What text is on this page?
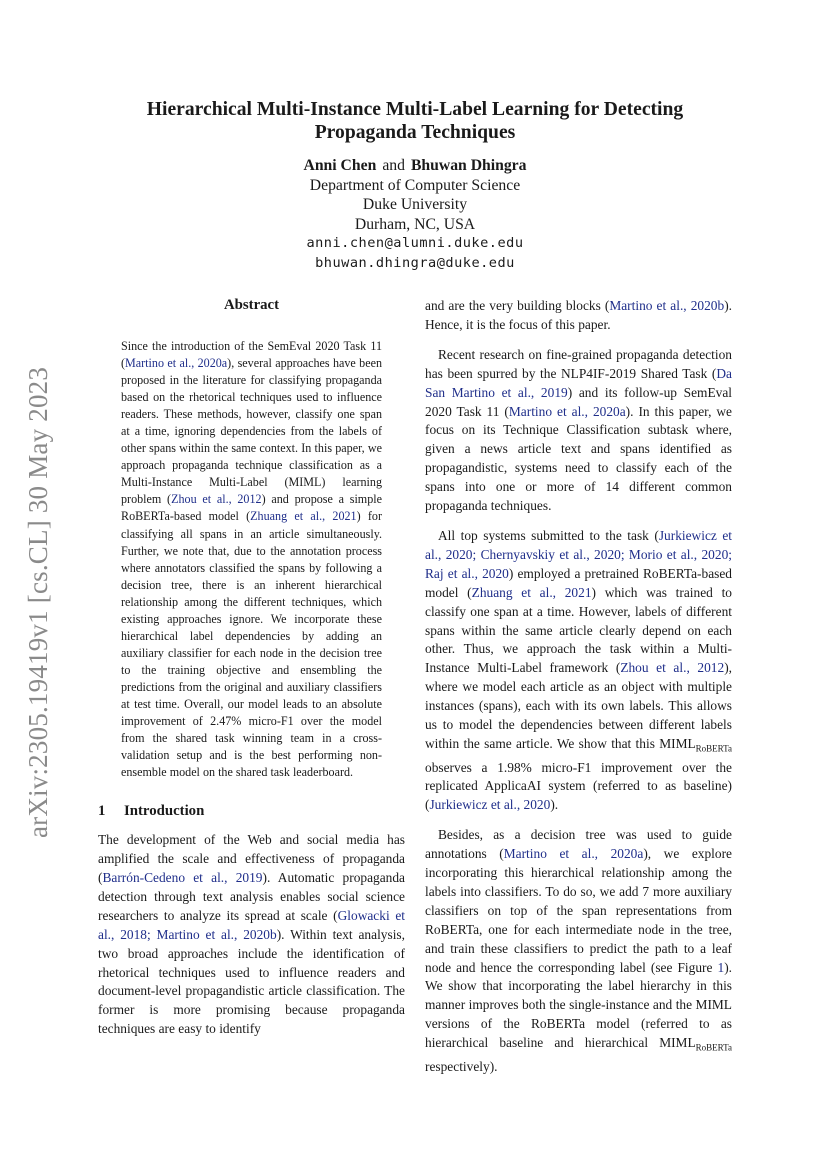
arXiv:2305.19419v1 [cs.CL] 30 May 2023
Hierarchical Multi-Instance Multi-Label Learning for Detecting
Propaganda Techniques
Anni Chen and Bhuwan Dhingra
Department of Computer Science
Duke University
Durham, NC, USA
anni.chen@alumni.duke.edu
bhuwan.dhingra@duke.edu
Abstract

Since the introduction of the SemEval 2020 Task 11 (Martino et al., 2020a), several approaches have been proposed in the literature for classifying propaganda based on the rhetorical techniques used to influence readers. These methods, however, classify one span at a time, ignoring dependencies from the labels of other spans within the same context. In this paper, we approach propaganda technique classification as a Multi-Instance Multi-Label (MIML) learning problem (Zhou et al., 2012) and propose a simple RoBERTa-based model (Zhuang et al., 2021) for classifying all spans in an article simultaneously. Further, we note that, due to the annotation process where annotators classified the spans by following a decision tree, there is an inherent hierarchical relationship among the different techniques, which existing approaches ignore. We incorporate these hierarchical label dependencies by adding an auxiliary classifier for each node in the decision tree to the training objective and ensembling the predictions from the original and auxiliary classifiers at test time. Overall, our model leads to an absolute improvement of 2.47% micro-F1 over the model from the shared task winning team in a cross-validation setup and is the best performing non-ensemble model on the shared task leaderboard.

1 Introduction

The development of the Web and social media has amplified the scale and effectiveness of propaganda (Barrón-Cedeno et al., 2019). Automatic propaganda detection through text analysis enables social science researchers to analyze its spread at scale (Glowacki et al., 2018; Martino et al., 2020b). Within text analysis, two broad approaches include the identification of rhetorical techniques used to influence readers and document-level propagandistic article classification. The former is more promising because propaganda techniques are easy to identify

and are the very building blocks (Martino et al., 2020b). Hence, it is the focus of this paper.

Recent research on fine-grained propaganda detection has been spurred by the NLP4IF-2019 Shared Task (Da San Martino et al., 2019) and its follow-up SemEval 2020 Task 11 (Martino et al., 2020a). In this paper, we focus on its Technique Classification subtask where, given a news article text and spans identified as propagandistic, systems need to classify each of the spans into one or more of 14 different common propaganda techniques.

All top systems submitted to the task (Jurkiewicz et al., 2020; Chernyavskiy et al., 2020; Morio et al., 2020; Raj et al., 2020) employed a pretrained RoBERTa-based model (Zhuang et al., 2021) which was trained to classify one span at a time. However, labels of different spans within the same article clearly depend on each other. Thus, we approach the task within a Multi-Instance Multi-Label framework (Zhou et al., 2012), where we model each article as an object with multiple instances (spans), each with its own labels. This allows us to model the dependencies between different labels within the same article. We show that this $MIML_{RoBERTa}$ observes a 1.98% micro-F1 improvement over the replicated ApplicaAI system (referred to as baseline) (Jurkiewicz et al., 2020).

Besides, as a decision tree was used to guide annotations (Martino et al., 2020a), we explore incorporating this hierarchical relationship among the labels into classifiers. To do so, we add 7 more auxiliary classifiers on top of the span representations from RoBERTa, one for each intermediate node in the tree, and train these classifiers to predict the path to a leaf node and hence the corresponding label (see Figure 1). We show that incorporating the label hierarchy in this manner improves both the single-instance and the MIML versions of the RoBERTa model (referred to as hierarchical baseline and hierarchical $MIML_{RoBERTa}$ respectively).
